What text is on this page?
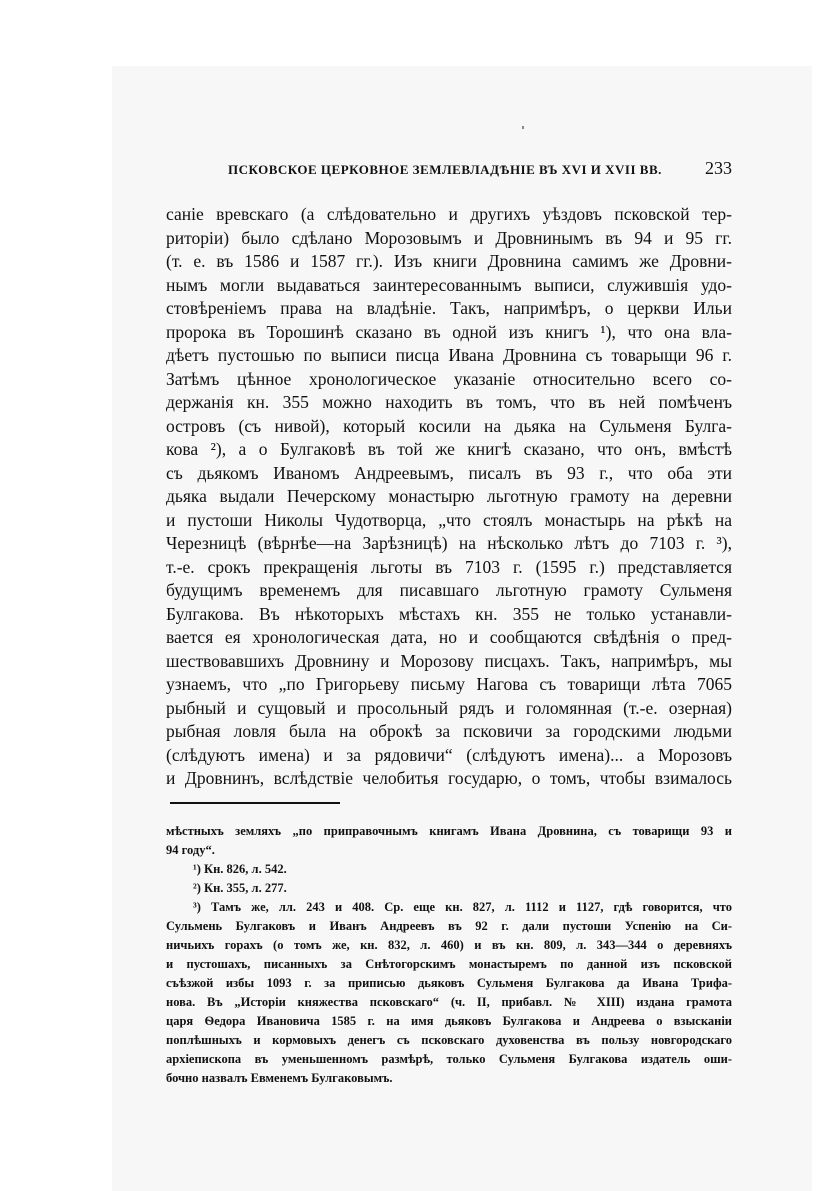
ПСКОВСКОЕ ЦЕРКОВНОЕ ЗЕМЛЕВЛАДѢНІЕ ВЪ XVI И XVII ВВ. 233
саніе вревскаго (а слѣдовательно и другихъ уѣздовъ псковской тер-
риторіи) было сдѣлано Морозовымъ и Дровнинымъ въ 94 и 95 гг.
(т. е. въ 1586 и 1587 гг.). Изъ книги Дровнина самимъ же Дровни-
нымъ могли выдаваться заинтересованнымъ выписи, служившія удо-
стовѣреніемъ права на владѣніе. Такъ, напримѣръ, о церкви Ильи
пророка въ Торошинѣ сказано въ одной изъ книгъ ¹), что она вла-
дѣетъ пустошью по выписи писца Ивана Дровнина съ товарыщи 96 г.
Затѣмъ цѣнное хронологическое указаніе относительно всего со-
держанія кн. 355 можно находить въ томъ, что въ ней помѣченъ
островъ (съ нивой), который косили на дьяка на Сульменя Булга-
кова ²), а о Булгаковѣ въ той же книгѣ сказано, что онъ, вмѣстѣ
съ дьякомъ Иваномъ Андреевымъ, писалъ въ 93 г., что оба эти
дьяка выдали Печерскому монастырю льготную грамоту на деревни
и пустоши Николы Чудотворца, „что стоялъ монастырь на рѣкѣ на
Черезницѣ (вѣрнѣе—на Зарѣзницѣ) на нѣсколько лѣтъ до 7103 г. ³),
т.-е. срокъ прекращенія льготы въ 7103 г. (1595 г.) представляется
будущимъ временемъ для писавшаго льготную грамоту Сульменя
Булгакова. Въ нѣкоторыхъ мѣстахъ кн. 355 не только устанавли-
вается ея хронологическая дата, но и сообщаются свѣдѣнія о пред-
шествовавшихъ Дровнину и Морозову писцахъ. Такъ, напримѣръ, мы
узнаемъ, что „по Григорьеву письму Нагова съ товарищи лѣта 7065
рыбный и сущовый и просольный рядъ и голомянная (т.-е. озерная)
рыбная ловля была на оброкѣ за псковичи за городскими людьми
(слѣдуютъ имена) и за рядовичи“ (слѣдуютъ имена)... а Морозовъ
и Дровнинъ, вслѣдствіе челобитья государю, о томъ, чтобы взималось
мѣстныхъ земляхъ „по приправочнымъ книгамъ Ивана Дровнина, съ товарищи 93 и
94 году“.
¹) Кн. 826, л. 542.
²) Кн. 355, л. 277.
³) Тамъ же, лл. 243 и 408. Ср. еще кн. 827, л. 1112 и 1127, гдѣ говорится, что
Сульмень Булгаковъ и Иванъ Андреевъ въ 92 г. дали пустоши Успенію на Си-
ничьихъ горахъ (о томъ же, кн. 832, л. 460) и въ кн. 809, л. 343—344 о деревняхъ
и пустошахъ, писанныхъ за Снѣтогорскимъ монастыремъ по данной изъ псковской
съѣзжой избы 1093 г. за приписью дьяковъ Сульменя Булгакова да Ивана Трифа-
нова. Въ „Исторіи княжества псковскаго“ (ч. II, прибавл. № XIII) издана грамота
царя Ѳедора Ивановича 1585 г. на имя дьяковъ Булгакова и Андреева о взысканіи
поплѣшныхъ и кормовыхъ денегъ съ псковскаго духовенства въ пользу новгородскаго
архіепископа въ уменьшенномъ размѣрѣ, только Сульменя Булгакова издатель оши-
бочно назвалъ Евменемъ Булгаковымъ.
